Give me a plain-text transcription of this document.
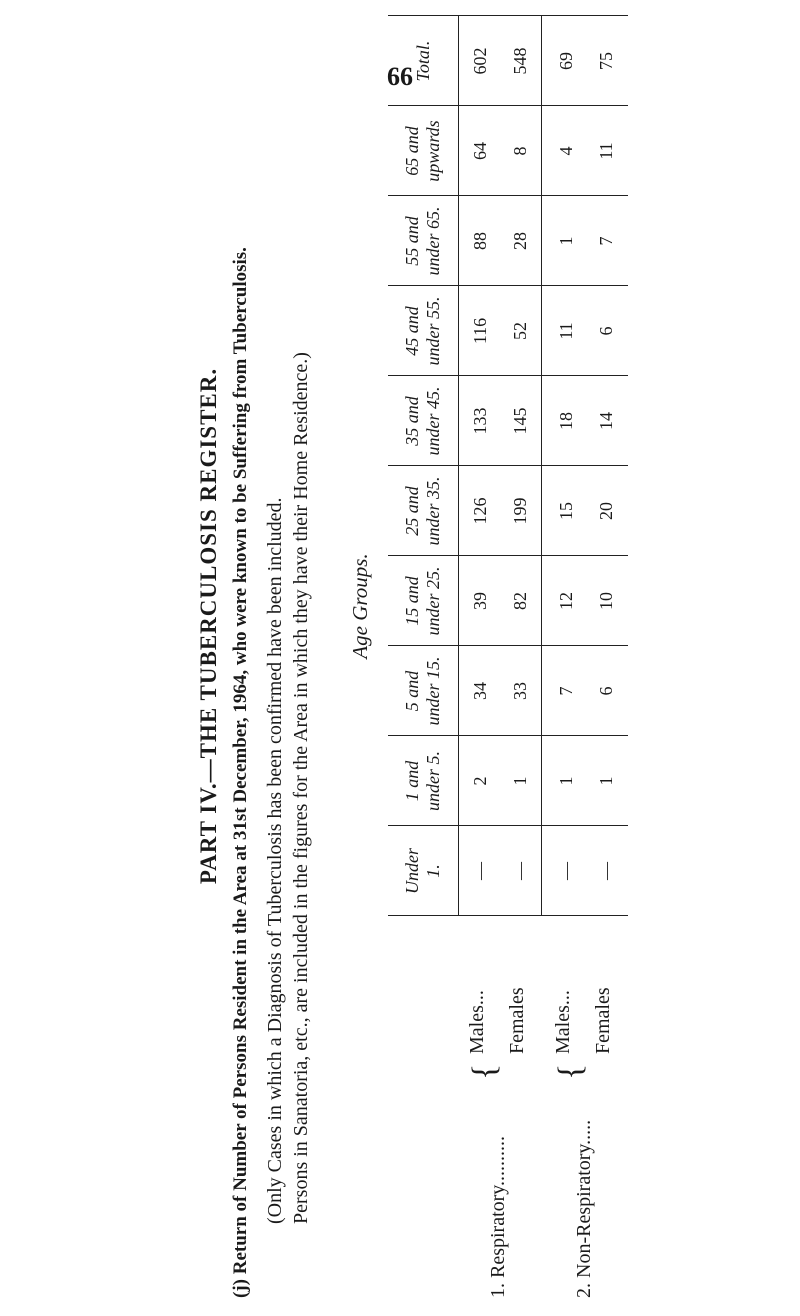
66
PART IV.—THE TUBERCULOSIS REGISTER. (j) Return of Number of Persons Resident in the Area at 31st December, 1964, who were known to be Suffering from Tuberculosis. (Only Cases in which a Diagnosis of Tuberculosis has been confirmed have been included. Persons in Sanatoria, etc., are included in the figures for the Area in which they have their Home Residence.) Age Groups.
Under 1.
1 and under 5.
5 and under 15.
15 and under 25.
25 and under 35.
35 and under 45.
45 and under 55.
55 and under 65.
65 and upwards
Total.
1. Respiratory..........
{
Males... Females
2. Non-Respiratory.....
{
Males... Females
—
2
34
39
126
133
116
88
64
602
—
1
33
82
199
145
52
28
8
548
—
1
7
12
15
18
11
1
4
69
—
1
6
10
20
14
6
7
11
75
